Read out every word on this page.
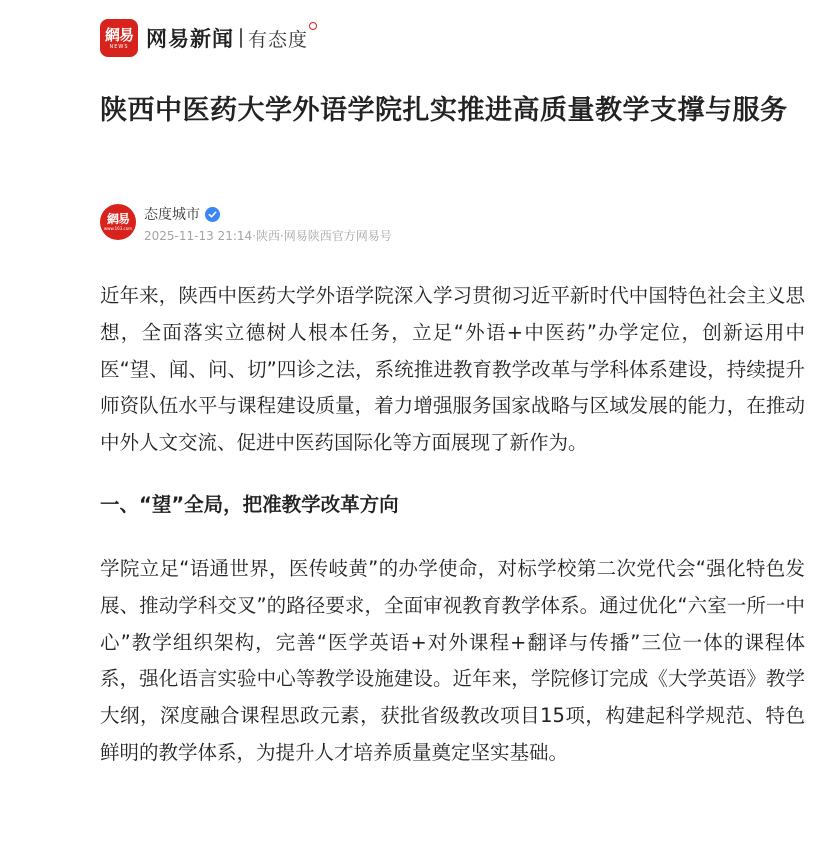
網易
NEWS 网易新闻 有态度
陕西中医药大学外语学院扎实推进高质量教学支撑与服务
網易
www.163.com
态度城市
2025-11-13 21:14·陕西·网易陕西官方网易号

近年来，陕西中医药大学外语学院深入学习贯彻习近平新时代中国特色社会主义思想，全面落实立德树人根本任务，立足“外语+中医药”办学定位，创新运用中医“望、闻、问、切”四诊之法，系统推进教育教学改革与学科体系建设，持续提升师资队伍水平与课程建设质量，着力增强服务国家战略与区域发展的能力，在推动中外人文交流、促进中医药国际化等方面展现了新作为。

一、“望”全局，把准教学改革方向

学院立足“语通世界，医传岐黄”的办学使命，对标学校第二次党代会“强化特色发展、推动学科交叉”的路径要求，全面审视教育教学体系。通过优化“六室一所一中心”教学组织架构，完善“医学英语+对外课程+翻译与传播”三位一体的课程体系，强化语言实验中心等教学设施建设。近年来，学院修订完成《大学英语》教学大纲，深度融合课程思政元素，获批省级教改项目15项，构建起科学规范、特色鲜明的教学体系，为提升人才培养质量奠定坚实基础。
